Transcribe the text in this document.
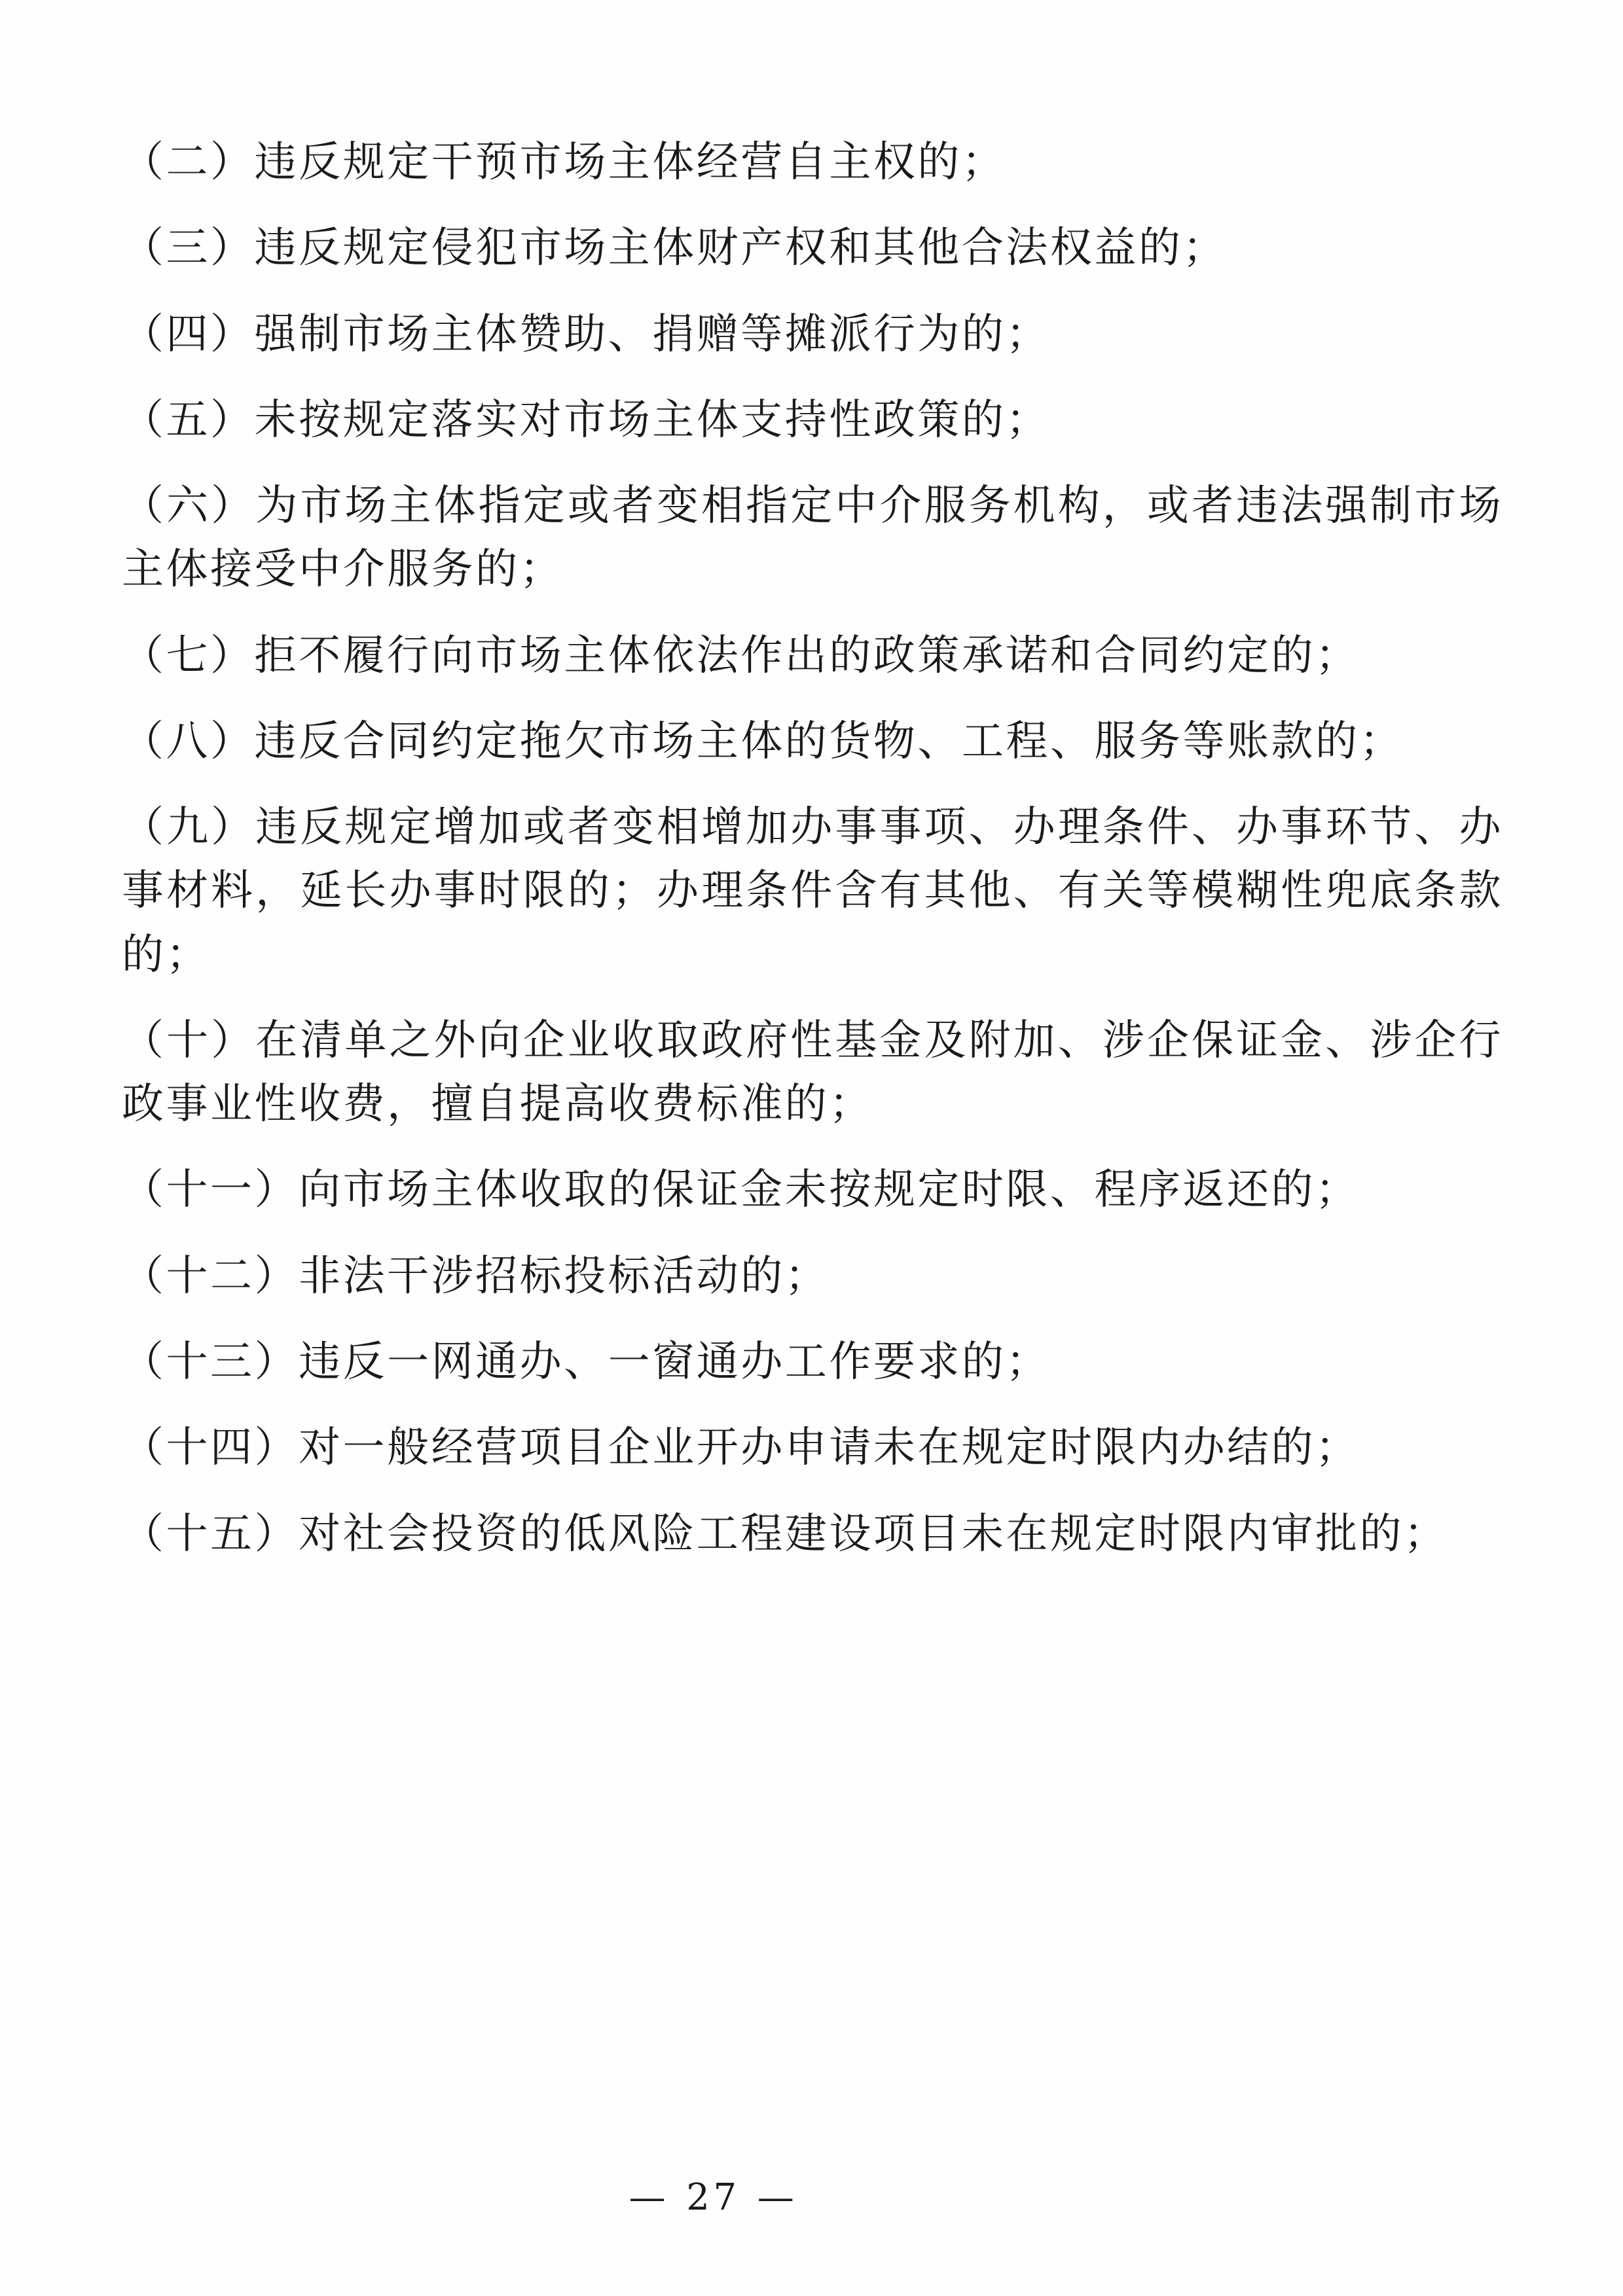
（二）违反规定干预市场主体经营自主权的；

（三）违反规定侵犯市场主体财产权和其他合法权益的；

（四）强制市场主体赞助、捐赠等摊派行为的；

（五）未按规定落实对市场主体支持性政策的；

（六）为市场主体指定或者变相指定中介服务机构，或者违法强制市场主体接受中介服务的；

（七）拒不履行向市场主体依法作出的政策承诺和合同约定的；

（八）违反合同约定拖欠市场主体的货物、工程、服务等账款的；

（九）违反规定增加或者变相增加办事事项、办理条件、办事环节、办事材料，延长办事时限的；办理条件含有其他、有关等模糊性兜底条款的；

（十）在清单之外向企业收取政府性基金及附加、涉企保证金、涉企行政事业性收费，擅自提高收费标准的；

（十一）向市场主体收取的保证金未按规定时限、程序返还的；

（十二）非法干涉招标投标活动的；

（十三）违反一网通办、一窗通办工作要求的；

（十四）对一般经营项目企业开办申请未在规定时限内办结的；

（十五）对社会投资的低风险工程建设项目未在规定时限内审批的；

— 27 —
